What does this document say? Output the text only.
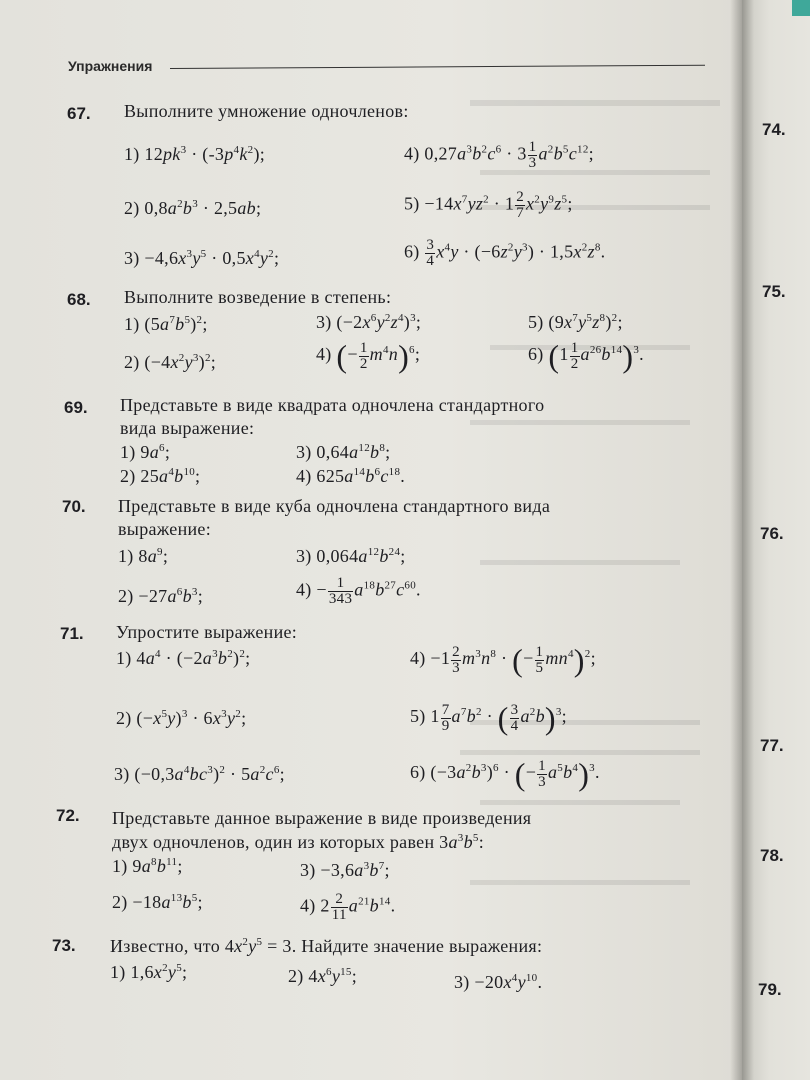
Упражнения
67. Выполните умножение одночленов:
1) $12pk^3 \cdot (-3p^4k^2)$;	4) $0,27a^3b^2c^6 \cdot 3 \frac{1}{3} a^2b^5c^{12}$;
2) $0,8a^2b^3 \cdot 2,5ab$;	$5) -14x^7yz^2 \cdot 1 \frac{2}{7} x^2y^9z^5$;
$3) -4,6x^3y^5 \cdot 0,5x^4y^2$;	$6) \frac{3}{4} x^4y \cdot (-6z^2y^3) \cdot 1,5x^2z^8$.
68. Выполните возведение в степень:
1) $(5a^7b^5)^2$;	3) $(-2x^6y^2z^4)^3$;	5) $(9x^7y^5z^8)^2$;
2) $(-4x^2y^3)^2$;	4) (− $\frac{1}{2} m^4n)^6$;	6) $(1 \frac{1}{2} a^{26}b^{14})^3$.
69. Представьте в виде квадрата одночлена стандартного
вида выражение:
1) $9a^6$;	3) $0,64a^{12}b^8$;
2) $25a^4b^{10}$;	4) $625a^{14}b^6c^{18}$.
70. Представьте в виде куба одночлена стандартного вида
выражение:
1) $8a^9$;	3) $0,064a^{12}b^{24}$;
$2) -27a^6b^3$;	$4) - \frac{1}{343} a^{18}b^{27}c^{60}$.
71. Упростите выражение:
1) $4a^4 \cdot (-2a^3b^2)^2$;	$4) -1 \frac{2}{3} m^3n^8$ · (− $\frac{1}{5} mn^4)^2$;
2) $(-x^5y)^3 \cdot 6x^3y^2$;	5) $1 \frac{7}{9} a^7b^2$ · ( $\frac{3}{4} a^2b)^3$;
3) $(-0,3a^4bc^3)^2 \cdot 5a^2c^6$;	6) $(-3a^2b^3)^6$ · (− $\frac{1}{3} a^5b^4)^3$.
72. Представьте данное выражение в виде произведения
двух одночленов, один из которых равен $3a^3b^5$:
1) $9a^8b^{11}$;	$3) -3,6a^3b^7$;
$2) -18a^{13}b^5$;	4) $2 \frac{2}{11} a^{21}b^{14}$.
73. Известно, что $4x^2y^5 = 3$. Найдите значение выражения:
1) $1,6x^2y^5$;	2) $4x^6y^{15}$;	$3) -20x^4y^{10}$.
74.
75.
76.
77.
78.
79.
